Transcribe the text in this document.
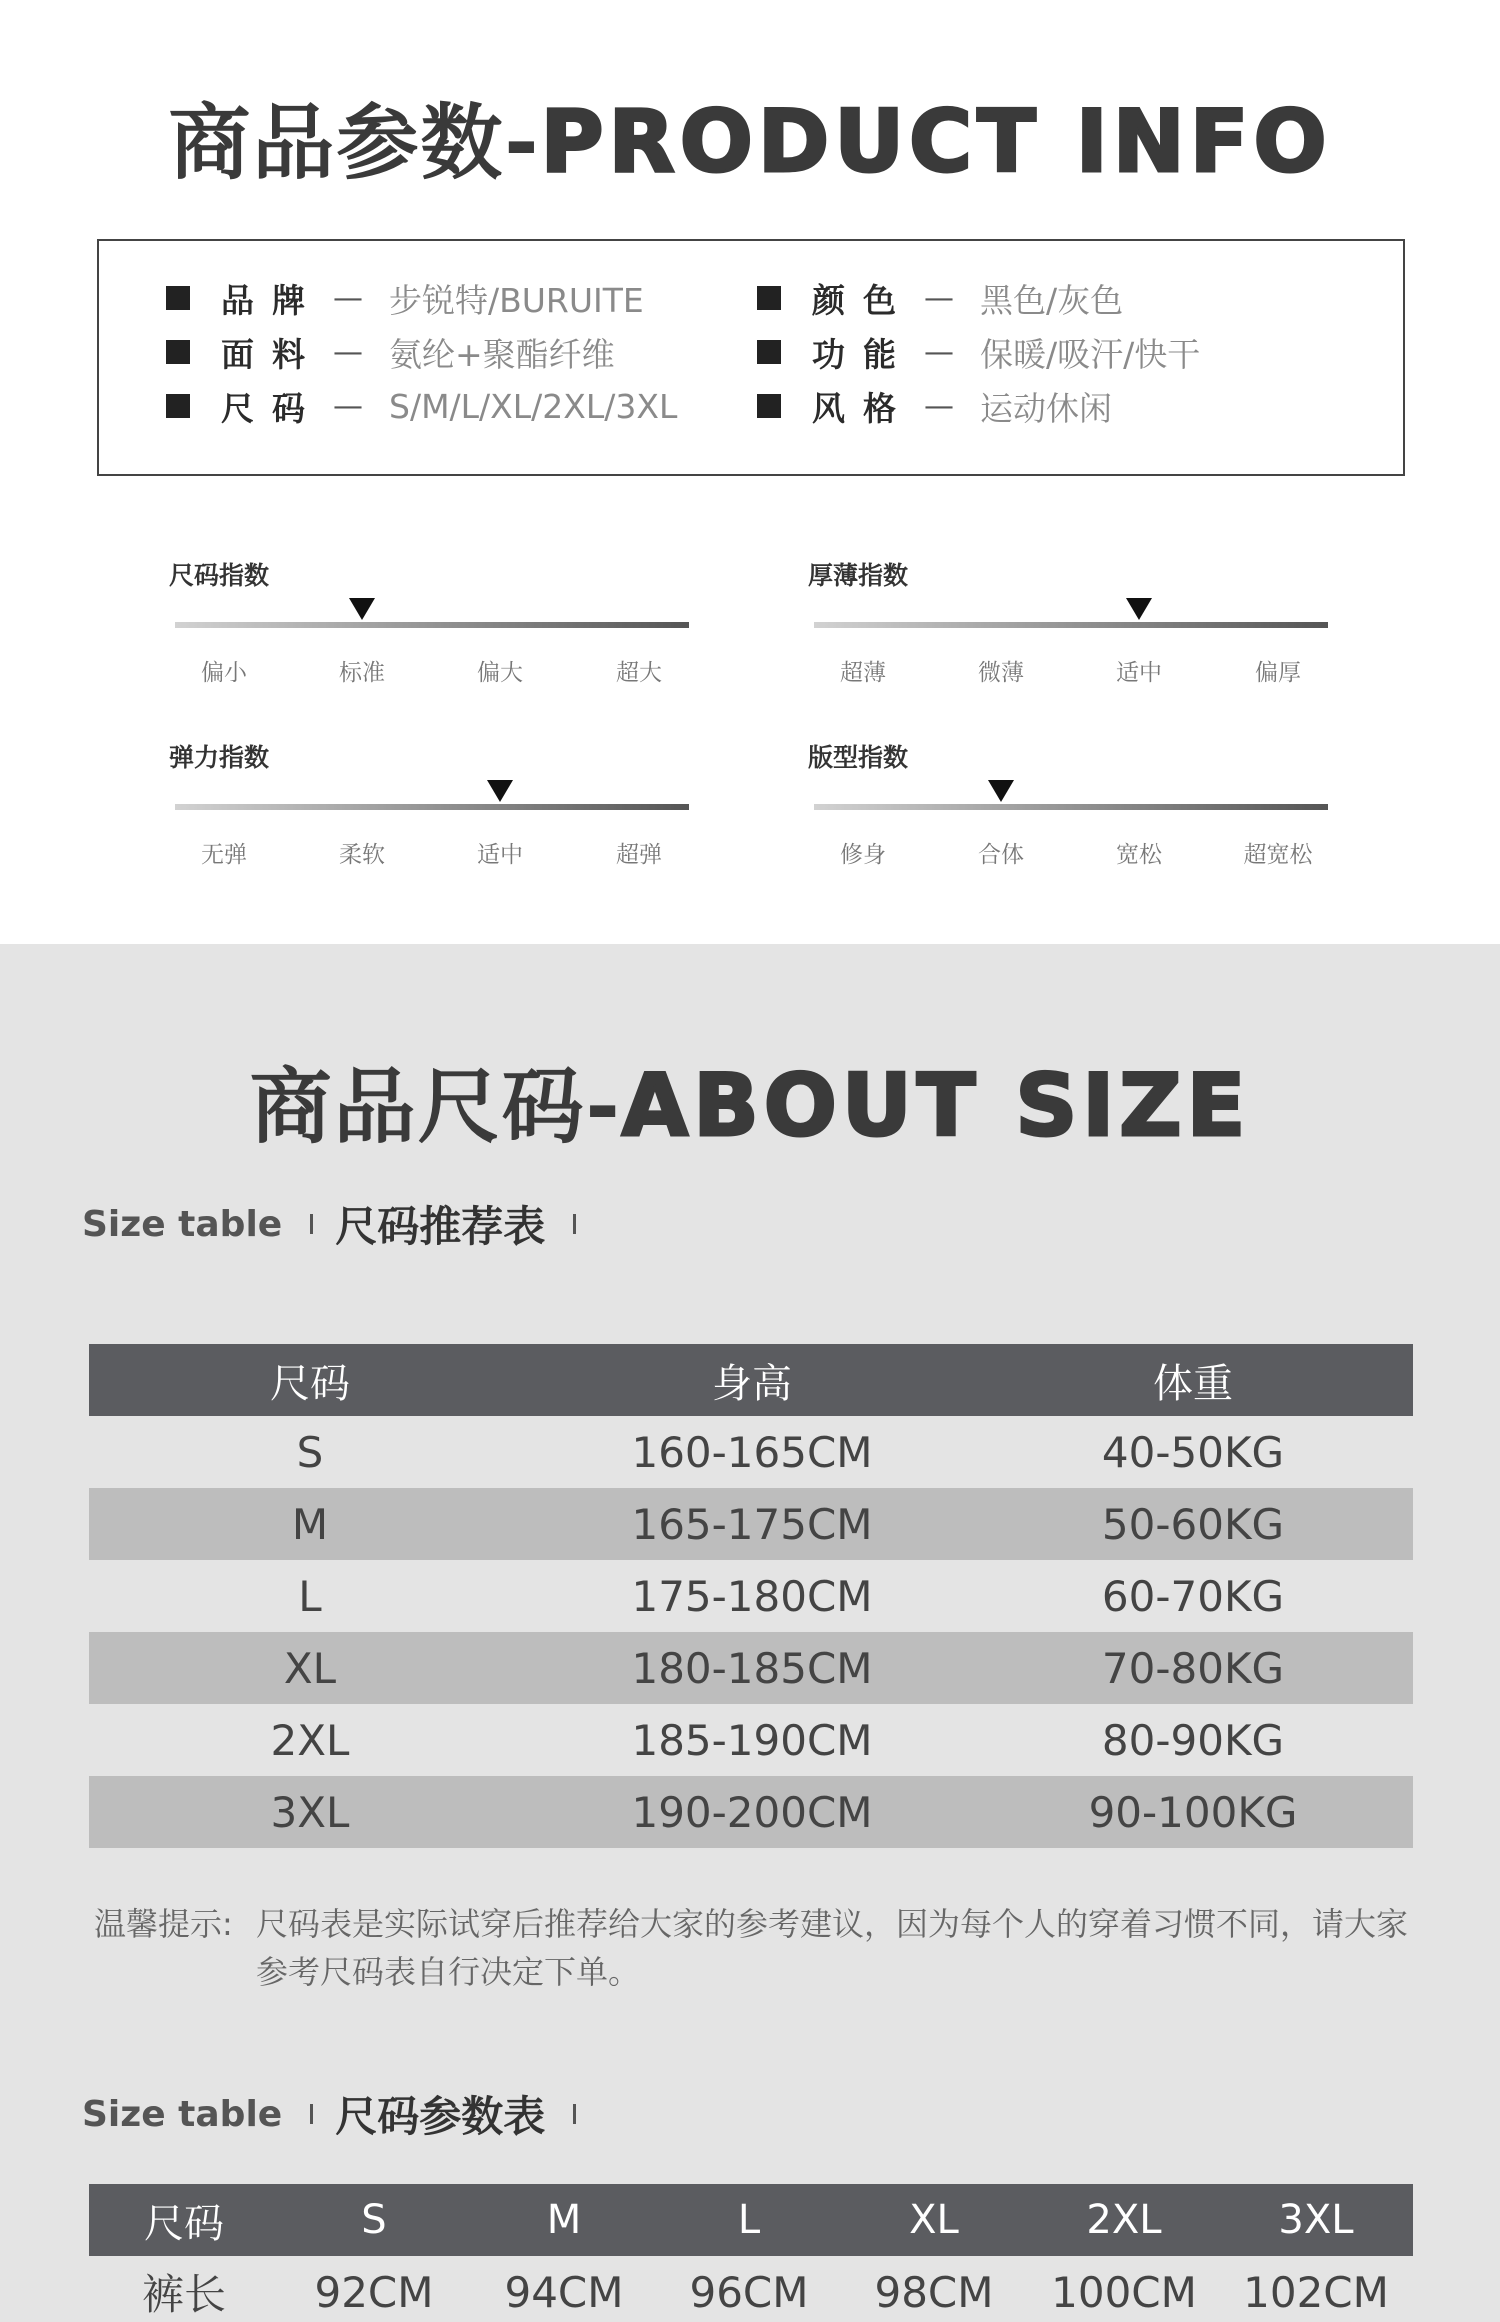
商品参数-PRODUCT INFO
品牌 — 步锐特/BURUITE
面料 — 氨纶+聚酯纤维
尺码 — S/M/L/XL/2XL/3XL
颜色 — 黑色/灰色
功能 — 保暖/吸汗/快干
风格 — 运动休闲
尺码指数
偏小	标准	偏大	超大
厚薄指数
超薄	微薄	适中	偏厚
弹力指数
无弹	柔软	适中	超弹
版型指数
修身	合体	宽松	超宽松
商品尺码-ABOUT SIZE
Size table 尺码推荐表
尺码	身高	体重
S	160-165CM	40-50KG
M	165-175CM	50-60KG
L	175-180CM	60-70KG
XL	180-185CM	70-80KG
2XL	185-190CM	80-90KG
3XL	190-200CM	90-100KG
温馨提示: 尺码表是实际试穿后推荐给大家的参考建议，因为每个人的穿着习惯不同，请大家参考尺码表自行决定下单。
Size table 尺码参数表
尺码	S	M	L	XL	2XL	3XL
裤长	92CM	94CM	96CM	98CM	100CM	102CM
